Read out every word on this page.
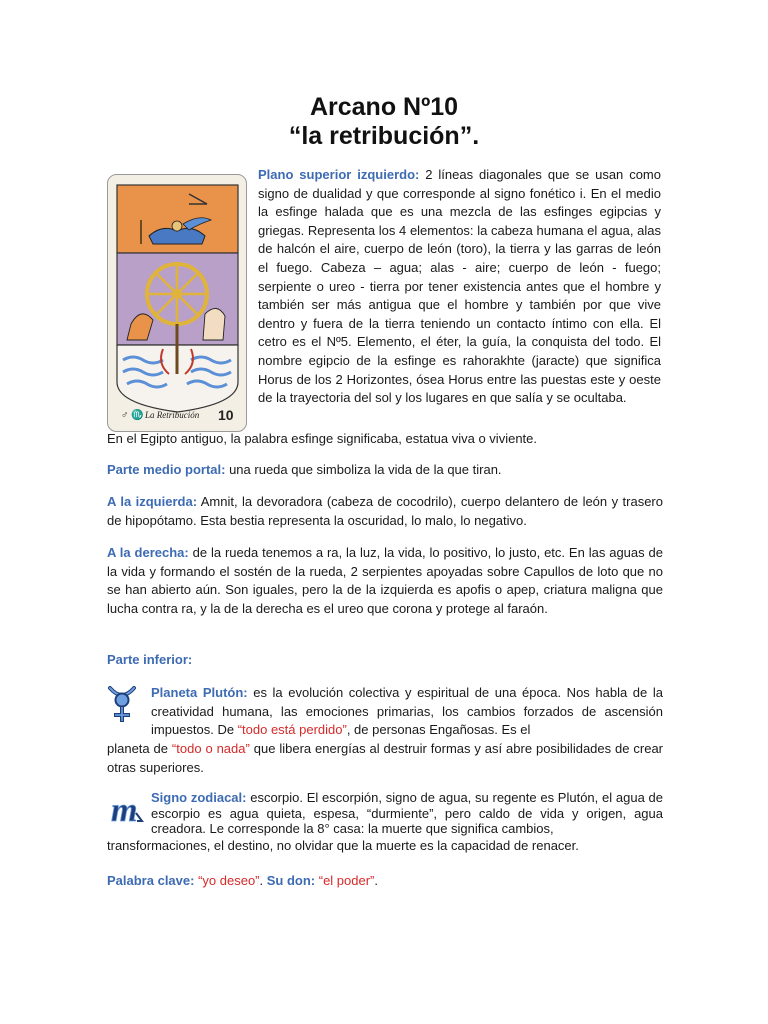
Arcano Nº10
“la retribución”.
♂ ♏ La Retribución 10
Plano superior izquierdo: 2 líneas diagonales que se usan como signo de dualidad y que corresponde al signo fonético i. En el medio la esfinge halada que es una mezcla de las esfinges egipcias y griegas. Representa los 4 elementos: la cabeza humana el agua, alas de halcón el aire, cuerpo de león (toro), la tierra y las garras de león el fuego. Cabeza – agua; alas - aire; cuerpo de león - fuego; serpiente o ureo - tierra por tener existencia antes que el hombre y también ser más antigua que el hombre y también por que vive dentro y fuera de la tierra teniendo un contacto íntimo con ella. El cetro es el Nº5. Elemento, el éter, la guía, la conquista del todo. El nombre egipcio de la esfinge es rahorakhte (jaracte) que significa Horus de los 2 Horizontes, ósea Horus entre las puestas este y oeste de la trayectoria del sol y los lugares en que salía y se ocultaba.
En el Egipto antiguo, la palabra esfinge significaba, estatua viva o viviente.
Parte medio portal: una rueda que simboliza la vida de la que tiran.
A la izquierda: Amnit, la devoradora (cabeza de cocodrilo), cuerpo delantero de león y trasero de hipopótamo. Esta bestia representa la oscuridad, lo malo, lo negativo.
A la derecha: de la rueda tenemos a ra, la luz, la vida, lo positivo, lo justo, etc. En las aguas de la vida y formando el sostén de la rueda, 2 serpientes apoyadas sobre Capullos de loto que no se han abierto aún. Son iguales, pero la de la izquierda es apofis o apep, criatura maligna que lucha contra ra, y la de la derecha es el ureo que corona y protege al faraón.
Parte inferior:
Planeta Plutón: es la evolución colectiva y espiritual de una época. Nos habla de la creatividad humana, las emociones primarias, los cambios forzados de ascensión impuestos. De “todo está perdido”, de personas Engañosas. Es el
planeta de “todo o nada” que libera energías al destruir formas y así abre posibilidades de crear otras superiores.
m Signo zodiacal: escorpio. El escorpión, signo de agua, su regente es Plutón, el agua de escorpio es agua quieta, espesa, “durmiente”, pero caldo de vida y origen, agua creadora. Le corresponde la 8° casa: la muerte que significa cambios,
transformaciones, el destino, no olvidar que la muerte es la capacidad de renacer.
Palabra clave: “yo deseo”. Su don: “el poder”.
